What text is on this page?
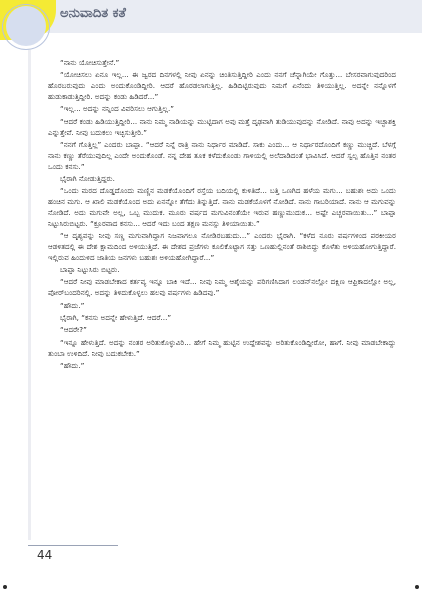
ಅನುವಾದಿತ ಕತೆ

“ನಾನು ಯೋಚಿಸುತ್ತೇನೆ.”

“ಯೋಚಿಸಲು ಏನೂ ಇಲ್ಲ... ಈ ಜ್ವರದ ದಿನಗಳಲ್ಲಿ ನೀವು ಏನನ್ನು ಚಿಂತಿಸುತ್ತಿದ್ದೀರಿ ಎಂದು ನನಗೆ ಚೆನ್ನಾಗಿಯೇ ಗೊತ್ತು... ಬೇಸರವಾಗುವುದರಿಂದ ಹೊರಬರುವುದು ಎಂದು ಅಂದುಕೊಂಡಿದ್ದೀರಿ. ಆದರೆ ಹೊರಡಲಾಗುತ್ತಿಲ್ಲ. ಹಿಡಿದಿಟ್ಟಿರುವುದು ನಿಮಗೆ ಏನೆಂದು ತಿಳಿಯುತ್ತಿಲ್ಲ. ಅದನ್ನೇ ನನ್ನೊಳಗೆ ಹುಡುಕಾಡುತ್ತಿದ್ದೀರಿ. ಅದನ್ನು ಕಂಡು ಹಿಡಿದರೆ...”

“ಇಲ್ಲ... ಅದನ್ನು ನನ್ನಿಂದ ವಿವರಿಸಲು ಆಗುತ್ತಿಲ್ಲ.”

“ಆದರೆ ಕಂಡು ಹಿಡಿಯುತ್ತಿದ್ದೀರಿ... ನಾನು ನಿಮ್ಮ ನಾಡಿಯನ್ನು ಮುಟ್ಟಿದಾಗ ಅವು ಮತ್ತೆ ದೃಢವಾಗಿ ತುಡಿಯುವುದನ್ನು ನೋಡಿದೆ. ನಾವು ಅದನ್ನು ಇಚ್ಛಾಶಕ್ತಿ ಎನ್ನುತ್ತೇವೆ. ನೀವು ಬದುಕಲು ಇಚ್ಛಿಸುತ್ತೀರಿ.”

“ನನಗೆ ಗೊತ್ತಿಲ್ಲ” ಎಂದರು ಬಾಪ್ಪಾ. “ಆದರೆ ನಿನ್ನೆ ರಾತ್ರಿ ನಾನು ನಿರ್ಧಾರ ಮಾಡಿದೆ. ಸಾಕು ಎಂದು... ಆ ನಿರ್ಧಾರದೊಂದಿಗೆ ಕಣ್ಣು ಮುಚ್ಚಿದೆ. ಬೆಳಗ್ಗೆ ನಾನು ಕಣ್ಣು ತೆರೆಯುವುದಿಲ್ಲ ಎಂದೇ ಅಂದುಕೊಂಡೆ. ನನ್ನ ದೇಹ ತೂಕ ಕಳೆದುಕೊಂಡು ಗಾಳಿಯಲ್ಲಿ ಅಲೆದಾಡಿದಂತೆ ಭಾವಿಸಿದೆ. ಆದರೆ ಸ್ವಲ್ಪ ಹೊತ್ತಿನ ನಂತರ ಒಂದು ಕನಸು.”

ಭೈರಾಗಿ ನೋಡುತ್ತಿದ್ದರು.

“ಒಂದು ಮರದ ದೊಡ್ಡದೊಂದು ಮಣ್ಣಿನ ಮಡಕೆಯೊಂದಿಗೆ ರಸ್ತೆಯ ಬದಿಯಲ್ಲಿ ಕುಳಿತಿದೆ... ಬತ್ತಿ ಒಣಗಿದ ಹಳೆಯ ಮಗು... ಬಹುಶಃ ಅದು ಒಂದು ಹಂಚಿನ ಮಗು. ಆ ಖಾಲಿ ಮಡಕೆಯೊಂದ ಅದು ಏನನ್ನೋ ತೆಗೆದು ತಿನ್ನುತ್ತಿದೆ. ನಾನು ಮಡಕೆಯೊಳಗೆ ನೋಡಿದೆ. ನಾನು ಗಾಬರಿಯಾದೆ. ನಾನು ಆ ಮಗುವನ್ನು ನೋಡಿದೆ. ಅದು ಮಗುವೇ ಅಲ್ಲ, ಒಬ್ಬ ಮುದುಕ. ಮೂರು ವರ್ಷದ ಮಗುವಿನಂತೆಯೇ ಇರುವ ಹಣ್ಣುಮುದುಕ... ಅಷ್ಟೇ ಎಚ್ಚರವಾಯಿತು...” ಬಾಪ್ಪಾ ನಿಟ್ಟುಸಿರುಬಿಟ್ಟರು. “ಕ್ರೂರವಾದ ಕನಸು... ಆದರೆ ಇದು ಬಂದ ತಕ್ಷಣ ಮನಸ್ಸು ತಿಳಿಯಾಯಿತು.”

“ಆ ದೃಶ್ಯವನ್ನು ನೀವು ಸಣ್ಣ ಮಗುವಾಗಿದ್ದಾಗ ನಿಜವಾಗಲೂ ನೋಡಿರಬಹುದು...” ಎಂದರು ಭೈರಾಗಿ. “ಕಳೆದ ನೂರು ವರ್ಷಗಳಿಂದ ಪರಕೀಯರ ಆಡಳಿತದಲ್ಲಿ ಈ ದೇಶ ಕ್ಷಾಮದಿಂದ ಅಳಿಯುತ್ತಿದೆ. ಈ ದೇಶದ ಪ್ರಜೆಗಳು ಕೂಲಿಕೊಟ್ಟಾಗ ಸತ್ತು ಒಣಹುಲ್ಲಿನಂತೆ ರಾಶಿಬಿದ್ದು ಕೊಳೆತು ಅಳಿಯಹೋಗುತ್ತಿದ್ದಾರೆ. ಇಲ್ಲಿರುವ ಹಿಂದುಳಿದ ಜಾತಿಯ ಜನಗಳು ಬಹುಶಃ ಅಳಿಯಹೋಗಿದ್ದಾರೆ...”

ಬಾಪ್ಪಾ ನಿಟ್ಟುಸಿರು ಬಿಟ್ಟರು.

“ಆದರೆ ನೀವು ಮಾಡಬೇಕಾದ ಕರ್ತವ್ಯ ಇನ್ನೂ ಬಾಕಿ ಇದೆ... ನೀವು ನಿಮ್ಮ ಆಶ್ಕೆಯನ್ನು ಪರಿಗಣಿಸಿದಾಗ ಲಂಡನ್‌ನಲ್ಲೋ ದಕ್ಷಿಣ ಆಫ್ರಿಕಾದಲ್ಲೋ ಅಲ್ಲ, ಪೋರ್‌ಬಂದರಿನಲ್ಲಿ. ಅದನ್ನು ತಿಳಿದುಕೊಳ್ಳಲು ಹಲವು ವರ್ಷಗಳು ಹಿಡಿದವು.”

“ಹೌದು.”

ಭೈರಾಗಿ, “ಕನಸು ಅದನ್ನೇ ಹೇಳುತ್ತಿದೆ. ಆದರೆ...”

“ಆದರೇ?”

“ಇನ್ನೂ ಹೇಳುತ್ತಿದೆ. ಅದನ್ನು ನಂತರ ಅರಿತುಕೊಳ್ಳುವಿರಿ... ಹೇಗೆ ನಿಮ್ಮ ಹುಟ್ಟಿನ ಉದ್ದೇಶವನ್ನು ಅರಿತುಕೊಂಡಿದ್ದೀರೋ, ಹಾಗೆ. ನೀವು ಮಾಡಬೇಕಾದ್ದು ತುಂಬಾ ಉಳಿದಿದೆ. ನೀವು ಬದುಕಬೇಕು.”

“ಹೌದು.”

44
